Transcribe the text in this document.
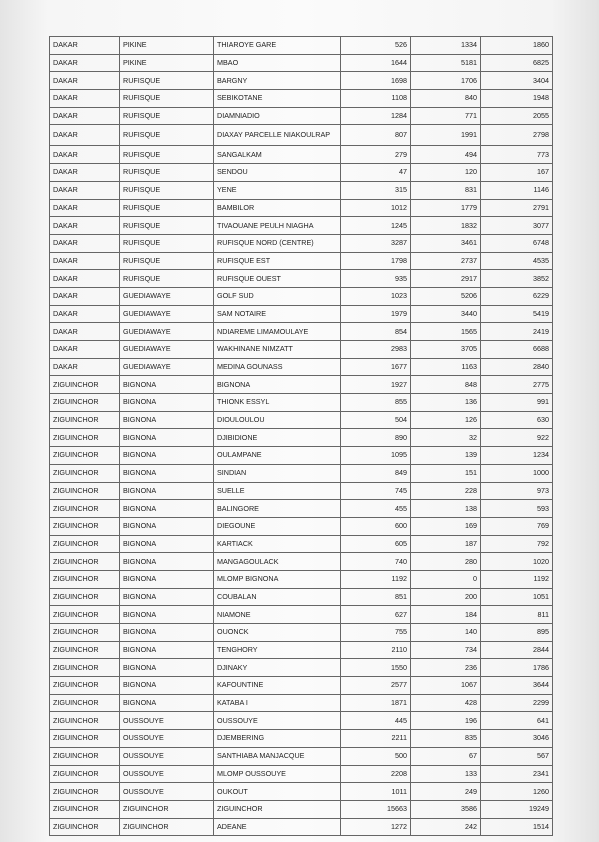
DAKAR	PIKINE	THIAROYE GARE	526	1334	1860
DAKAR	PIKINE	MBAO	1644	5181	6825
DAKAR	RUFISQUE	BARGNY	1698	1706	3404
DAKAR	RUFISQUE	SEBIKOTANE	1108	840	1948
DAKAR	RUFISQUE	DIAMNIADIO	1284	771	2055
DAKAR	RUFISQUE	DIAXAY PARCELLE NIAKOULRAP	807	1991	2798
DAKAR	RUFISQUE	SANGALKAM	279	494	773
DAKAR	RUFISQUE	SENDOU	47	120	167
DAKAR	RUFISQUE	YENE	315	831	1146
DAKAR	RUFISQUE	BAMBILOR	1012	1779	2791
DAKAR	RUFISQUE	TIVAOUANE PEULH NIAGHA	1245	1832	3077
DAKAR	RUFISQUE	RUFISQUE NORD (CENTRE)	3287	3461	6748
DAKAR	RUFISQUE	RUFISQUE EST	1798	2737	4535
DAKAR	RUFISQUE	RUFISQUE OUEST	935	2917	3852
DAKAR	GUEDIAWAYE	GOLF SUD	1023	5206	6229
DAKAR	GUEDIAWAYE	SAM NOTAIRE	1979	3440	5419
DAKAR	GUEDIAWAYE	NDIAREME LIMAMOULAYE	854	1565	2419
DAKAR	GUEDIAWAYE	WAKHINANE NIMZATT	2983	3705	6688
DAKAR	GUEDIAWAYE	MEDINA GOUNASS	1677	1163	2840
ZIGUINCHOR	BIGNONA	BIGNONA	1927	848	2775
ZIGUINCHOR	BIGNONA	THIONK ESSYL	855	136	991
ZIGUINCHOR	BIGNONA	DIOULOULOU	504	126	630
ZIGUINCHOR	BIGNONA	DJIBIDIONE	890	32	922
ZIGUINCHOR	BIGNONA	OULAMPANE	1095	139	1234
ZIGUINCHOR	BIGNONA	SINDIAN	849	151	1000
ZIGUINCHOR	BIGNONA	SUELLE	745	228	973
ZIGUINCHOR	BIGNONA	BALINGORE	455	138	593
ZIGUINCHOR	BIGNONA	DIEGOUNE	600	169	769
ZIGUINCHOR	BIGNONA	KARTIACK	605	187	792
ZIGUINCHOR	BIGNONA	MANGAGOULACK	740	280	1020
ZIGUINCHOR	BIGNONA	MLOMP BIGNONA	1192	0	1192
ZIGUINCHOR	BIGNONA	COUBALAN	851	200	1051
ZIGUINCHOR	BIGNONA	NIAMONE	627	184	811
ZIGUINCHOR	BIGNONA	OUONCK	755	140	895
ZIGUINCHOR	BIGNONA	TENGHORY	2110	734	2844
ZIGUINCHOR	BIGNONA	DJINAKY	1550	236	1786
ZIGUINCHOR	BIGNONA	KAFOUNTINE	2577	1067	3644
ZIGUINCHOR	BIGNONA	KATABA I	1871	428	2299
ZIGUINCHOR	OUSSOUYE	OUSSOUYE	445	196	641
ZIGUINCHOR	OUSSOUYE	DJEMBERING	2211	835	3046
ZIGUINCHOR	OUSSOUYE	SANTHIABA MANJACQUE	500	67	567
ZIGUINCHOR	OUSSOUYE	MLOMP OUSSOUYE	2208	133	2341
ZIGUINCHOR	OUSSOUYE	OUKOUT	1011	249	1260
ZIGUINCHOR	ZIGUINCHOR	ZIGUINCHOR	15663	3586	19249
ZIGUINCHOR	ZIGUINCHOR	ADEANE	1272	242	1514
